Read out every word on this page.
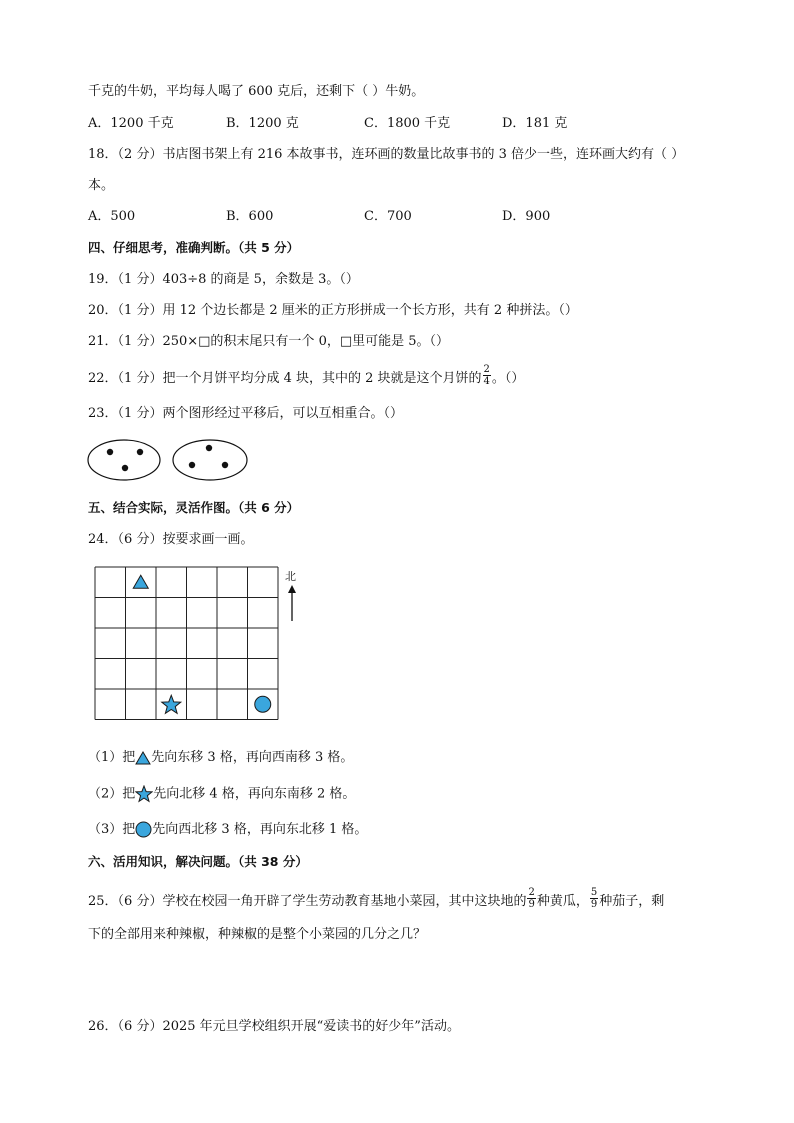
千克的牛奶，平均每人喝了 600 克后，还剩下（ ）牛奶。
A．1200 千克	B．1200 克	C．1800 千克	D．181 克
18．（2 分）书店图书架上有 216 本故事书，连环画的数量比故事书的 3 倍少一些，连环画大约有（ ）
本。
A．500	B．600	C．700	D．900
四、仔细思考，准确判断。（共 5 分）
19．（1 分）403÷8 的商是 5，余数是 3。（）
20．（1 分）用 12 个边长都是 2 厘米的正方形拼成一个长方形，共有 2 种拼法。（）
21．（1 分）250×□的积末尾只有一个 0，□里可能是 5。（）
22．（1 分）把一个月饼平均分成 4 块，其中的 2 块就是这个月饼的 $\frac{2}{4}$ 。（）
23．（1 分）两个图形经过平移后，可以互相重合。（）
五、结合实际，灵活作图。（共 6 分）
24．（6 分）按要求画一画。
北
（1）把 先向东移 3 格，再向西南移 3 格。
（2）把 先向北移 4 格，再向东南移 2 格。
（3）把 先向西北移 3 格，再向东北移 1 格。
六、活用知识，解决问题。（共 38 分）
25．（6 分）学校在校园一角开辟了学生劳动教育基地小菜园，其中这块地的 $\frac{2}{9}$ 种黄瓜， $\frac{5}{9}$ 种茄子，剩
下的全部用来种辣椒，种辣椒的是整个小菜园的几分之几？
26．（6 分）2025 年元旦学校组织开展“爱读书的好少年”活动。
